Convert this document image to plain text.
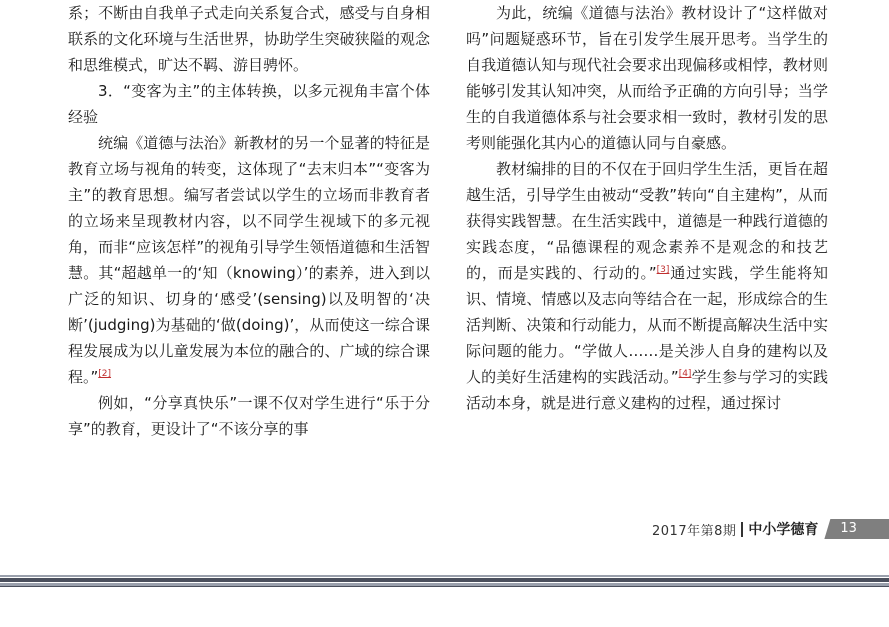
系；不断由自我单子式走向关系复合式，感受与自身相联系的文化环境与生活世界，协助学生突破狭隘的观念和思维模式，旷达不羁、游目骋怀。

3．“变客为主”的主体转换，以多元视角丰富个体经验

统编《道德与法治》新教材的另一个显著的特征是教育立场与视角的转变，这体现了“去末归本”“变客为主”的教育思想。编写者尝试以学生的立场而非教育者的立场来呈现教材内容，以不同学生视域下的多元视角，而非“应该怎样”的视角引导学生领悟道德和生活智慧。其“超越单一的‘知（knowing）’的素养，进入到以广泛的知识、切身的‘感受’(sensing)以及明智的‘决断’(judging)为基础的‘做(doing)’，从而使这一综合课程发展成为以儿童发展为本位的融合的、广域的综合课程。”[2]

例如，“分享真快乐”一课不仅对学生进行“乐于分享”的教育，更设计了“不该分享的事

为此，统编《道德与法治》教材设计了“这样做对吗”问题疑惑环节，旨在引发学生展开思考。当学生的自我道德认知与现代社会要求出现偏移或相悖，教材则能够引发其认知冲突，从而给予正确的方向引导；当学生的自我道德体系与社会要求相一致时，教材引发的思考则能强化其内心的道德认同与自豪感。

教材编排的目的不仅在于回归学生生活，更旨在超越生活，引导学生由被动“受教”转向“自主建构”，从而获得实践智慧。在生活实践中，道德是一种践行道德的实践态度，“品德课程的观念素养不是观念的和技艺的，而是实践的、行动的。”[3]通过实践，学生能将知识、情境、情感以及志向等结合在一起，形成综合的生活判断、决策和行动能力，从而不断提高解决生活中实际问题的能力。“学做人……是关涉人自身的建构以及人的美好生活建构的实践活动。”[4]学生参与学习的实践活动本身，就是进行意义建构的过程，通过探讨

2017年第8期 中小学德育	13
